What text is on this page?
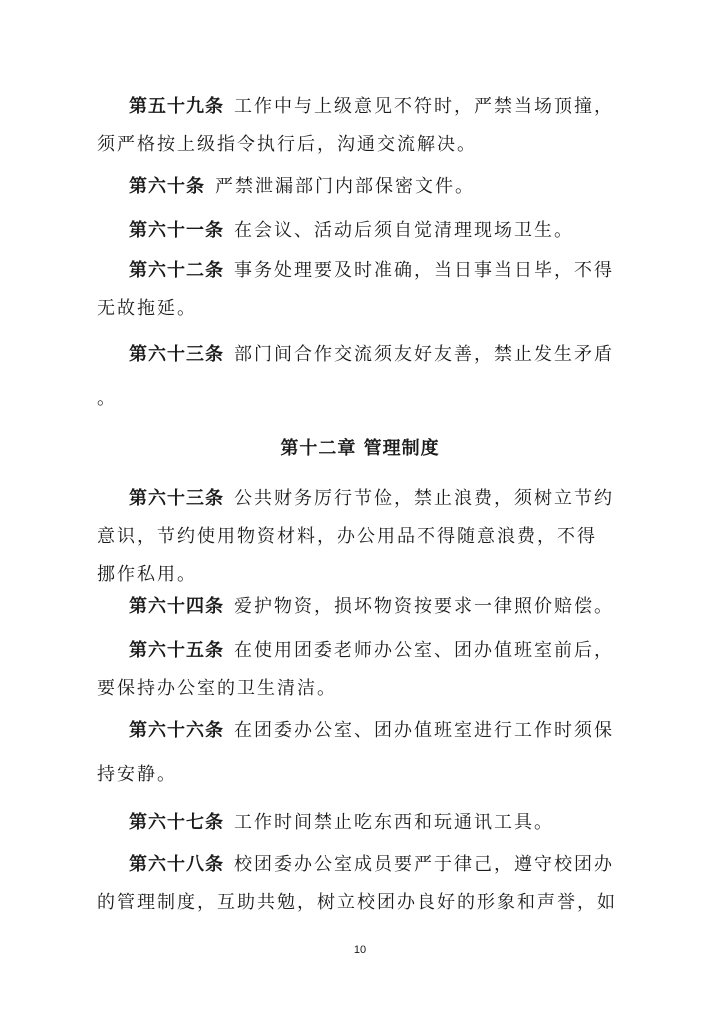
第五十九条 工作中与上级意见不符时，严禁当场顶撞，
须严格按上级指令执行后，沟通交流解决。
第六十条 严禁泄漏部门内部保密文件。
第六十一条 在会议、活动后须自觉清理现场卫生。
第六十二条 事务处理要及时准确，当日事当日毕，不得
无故拖延。
第六十三条 部门间合作交流须友好友善，禁止发生矛盾
。
第十二章 管理制度
第六十三条 公共财务厉行节俭，禁止浪费，须树立节约
意识，节约使用物资材料，办公用品不得随意浪费，不得
挪作私用。
第六十四条 爱护物资，损坏物资按要求一律照价赔偿。
第六十五条 在使用团委老师办公室、团办值班室前后，
要保持办公室的卫生清洁。
第六十六条 在团委办公室、团办值班室进行工作时须保
持安静。
第六十七条 工作时间禁止吃东西和玩通讯工具。
第六十八条 校团委办公室成员要严于律己，遵守校团办
的管理制度，互助共勉，树立校团办良好的形象和声誉，如
10
